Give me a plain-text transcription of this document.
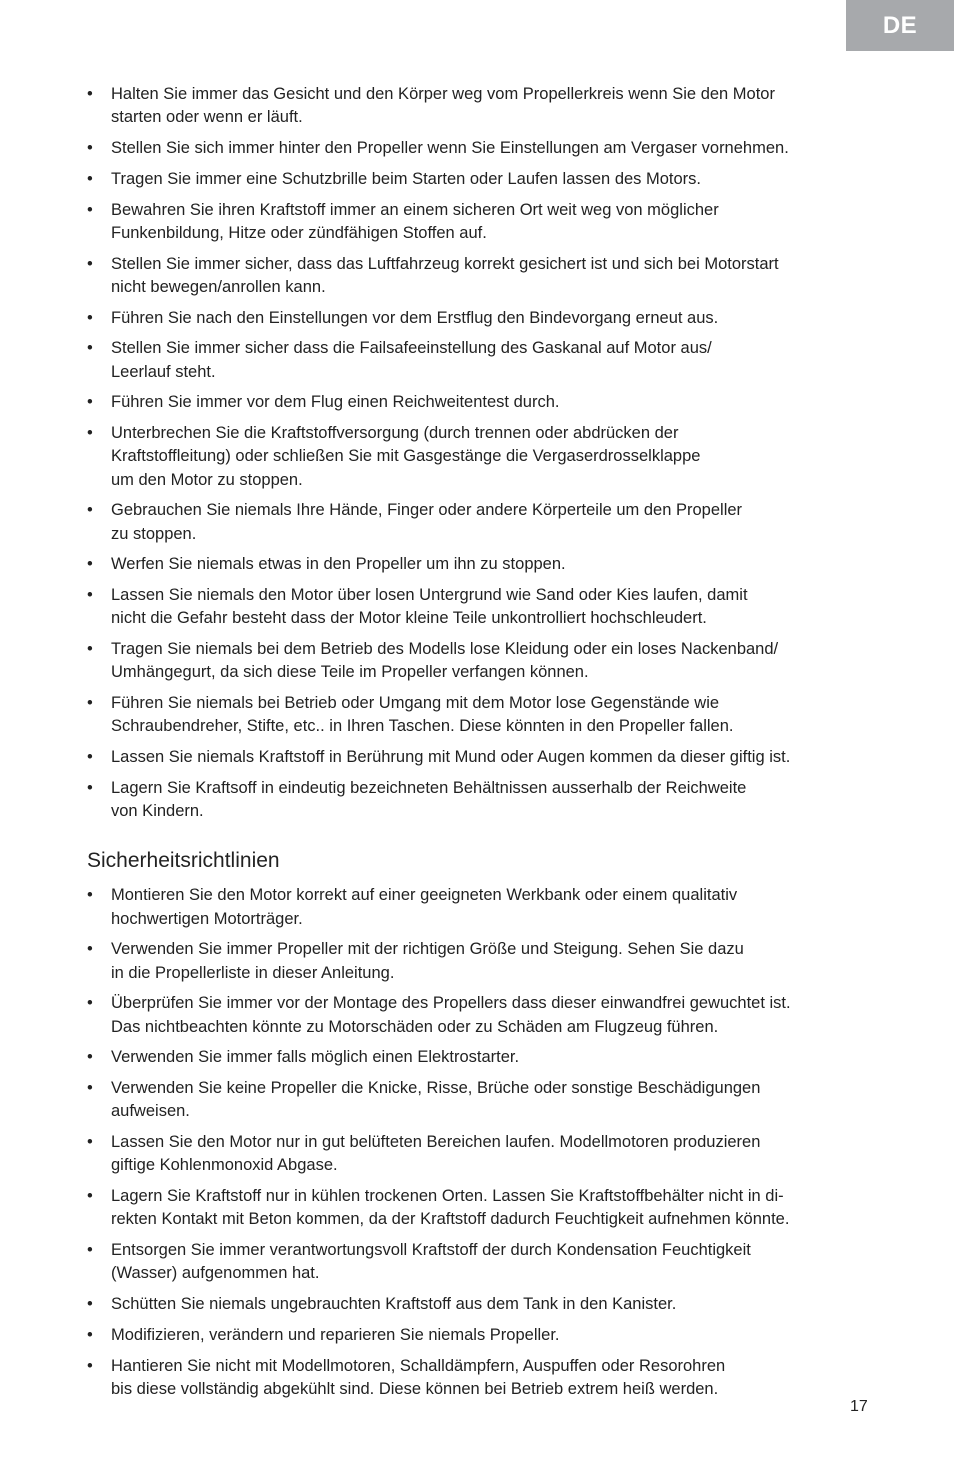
DE
• Halten Sie immer das Gesicht und den Körper weg vom Propellerkreis wenn Sie den Motor
starten oder wenn er läuft.
• Stellen Sie sich immer hinter den Propeller wenn Sie Einstellungen am Vergaser vornehmen.
• Tragen Sie immer eine Schutzbrille beim Starten oder Laufen lassen des Motors.
• Bewahren Sie ihren Kraftstoff immer an einem sicheren Ort weit weg von möglicher
Funkenbildung, Hitze oder zündfähigen Stoffen auf.
• Stellen Sie immer sicher, dass das Luftfahrzeug korrekt gesichert ist und sich bei Motorstart
nicht bewegen/anrollen kann.
• Führen Sie nach den Einstellungen vor dem Erstflug den Bindevorgang erneut aus.
• Stellen Sie immer sicher dass die Failsafeeinstellung des Gaskanal auf Motor aus/
Leerlauf steht.
• Führen Sie immer vor dem Flug einen Reichweitentest durch.
• Unterbrechen Sie die Kraftstoffversorgung (durch trennen oder abdrücken der
Kraftstoffleitung) oder schließen Sie mit Gasgestänge die Vergaserdrosselklappe
um den Motor zu stoppen.
• Gebrauchen Sie niemals Ihre Hände, Finger oder andere Körperteile um den Propeller
zu stoppen.
• Werfen Sie niemals etwas in den Propeller um ihn zu stoppen.
• Lassen Sie niemals den Motor über losen Untergrund wie Sand oder Kies laufen, damit
nicht die Gefahr besteht dass der Motor kleine Teile unkontrolliert hochschleudert.
• Tragen Sie niemals bei dem Betrieb des Modells lose Kleidung oder ein loses Nackenband/
Umhängegurt, da sich diese Teile im Propeller verfangen können.
• Führen Sie niemals bei Betrieb oder Umgang mit dem Motor lose Gegenstände wie
Schraubendreher, Stifte, etc.. in Ihren Taschen. Diese könnten in den Propeller fallen.
• Lassen Sie niemals Kraftstoff in Berührung mit Mund oder Augen kommen da dieser giftig ist.
• Lagern Sie Kraftsoff in eindeutig bezeichneten Behältnissen ausserhalb der Reichweite
von Kindern.
Sicherheitsrichtlinien
• Montieren Sie den Motor korrekt auf einer geeigneten Werkbank oder einem qualitativ
hochwertigen Motorträger.
• Verwenden Sie immer Propeller mit der richtigen Größe und Steigung. Sehen Sie dazu
in die Propellerliste in dieser Anleitung.
• Überprüfen Sie immer vor der Montage des Propellers dass dieser einwandfrei gewuchtet ist.
Das nichtbeachten könnte zu Motorschäden oder zu Schäden am Flugzeug führen.
• Verwenden Sie immer falls möglich einen Elektrostarter.
• Verwenden Sie keine Propeller die Knicke, Risse, Brüche oder sonstige Beschädigungen
aufweisen.
• Lassen Sie den Motor nur in gut belüfteten Bereichen laufen. Modellmotoren produzieren
giftige Kohlenmonoxid Abgase.
• Lagern Sie Kraftstoff nur in kühlen trockenen Orten. Lassen Sie Kraftstoffbehälter nicht in di-
rekten Kontakt mit Beton kommen, da der Kraftstoff dadurch Feuchtigkeit aufnehmen könnte.
• Entsorgen Sie immer verantwortungsvoll Kraftstoff der durch Kondensation Feuchtigkeit
(Wasser) aufgenommen hat.
• Schütten Sie niemals ungebrauchten Kraftstoff aus dem Tank in den Kanister.
• Modifizieren, verändern und reparieren Sie niemals Propeller.
• Hantieren Sie nicht mit Modellmotoren, Schalldämpfern, Auspuffen oder Resorohren
bis diese vollständig abgekühlt sind. Diese können bei Betrieb extrem heiß werden.
17
